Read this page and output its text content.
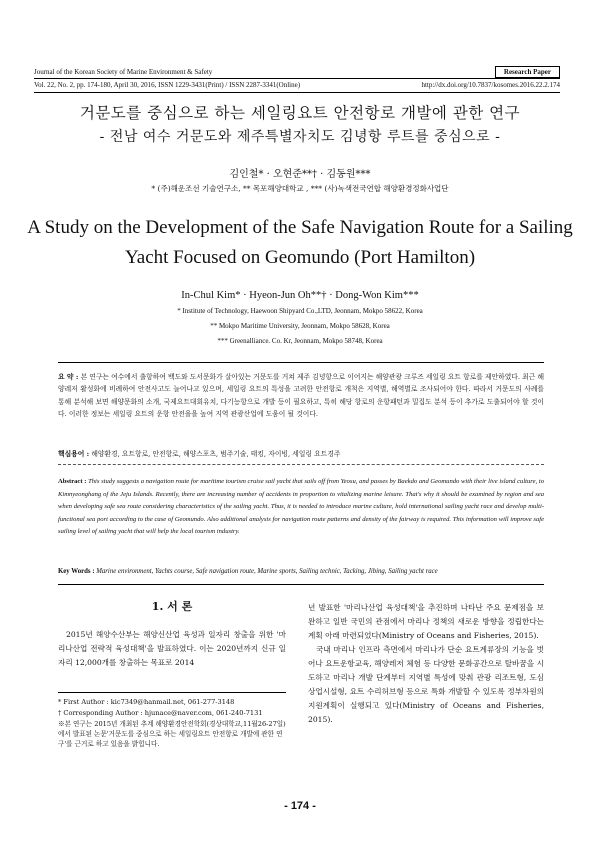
Research Paper
Journal of the Korean Society of Marine Environment & Safety
Vol. 22, No. 2, pp. 174-180, April 30, 2016, ISSN 1229-3431(Print) / ISSN 2287-3341(Online)	http://dx.doi.org/10.7837/kosomes.2016.22.2.174
거문도를 중심으로 하는 세일링요트 안전항로 개발에 관한 연구
- 전남 여수 거문도와 제주특별자치도 김녕항 루트를 중심으로 -
김인철* · 오현준**† · 김동원***
* (주)해운조선 기술연구소, ** 목포해양대학교 , *** (사)녹색전국연합 해양환경정화사업단
A Study on the Development of the Safe Navigation Route for a Sailing
Yacht Focused on Geomundo (Port Hamilton)
In-Chul Kim* · Hyeon-Jun Oh**† · Dong-Won Kim***
* Institute of Technology, Haewoon Shipyard Co.,LTD, Jeonnam, Mokpo 58622, Korea
** Mokpo Maritime University, Jeonnam, Mokpo 58628, Korea
*** Greenalliance. Co. Kr, Jeonnam, Mokpo 58748, Korea
요 약 : 본 연구는 여수에서 출항하여 백도와 도서문화가 살아있는 거문도를 거쳐 제주 김녕항으로 이어지는 해양관광 크루즈 세일링 요트 항로를 제안하였다. 최근 해양레저 활성화에 비례하여 안전사고도 늘어나고 있으며, 세일링 요트의 특성을 고려한 안전항로 개척은 지역별, 해역별로 조사되어야 한다. 따라서 거문도의 사례를 통해 분석해 보면 해양문화의 소개, 국제요트대회유치, 다기능항으로 개발 등이 필요하고, 특히 해당 항로의 운항패턴과 밀집도 분석 등이 추가로 도출되어야 할 것이다. 이러한 정보는 세일링 요트의 운항 안전을을 높여 지역 관광산업에 도움이 될 것이다.
핵심용어 : 해양환경, 요트항로, 안전항로, 해양스포츠, 범주기술, 태킹, 자이빙, 세일링 요트경주
Abstract : This study suggests a navigation route for maritime tourism cruise sail yacht that sails off from Yeosu, and passes by Baekdo and Geomundo with their live island culture, to Kimnyeonghang of the Jeju Islands. Recently, there are increasing number of accidents in proportion to vitalizing marine leisure. That's why it should be examined by region and sea when developing safe sea route considering characteristics of the sailing yacht. Thus, it is needed to introduce marine culture, hold international sailing yacht race and develop multi-functional sea port according to the case of Geomundo. Also additional analysis for navigation route patterns and density of the fairway is required. This information will improve safe sailing level of sailing yacht that will help the local tourism industry.
Key Words : Marine environment, Yachts course, Safe navigation route, Marine sports, Sailing technic, Tacking, Jibing, Sailing yacht race
1. 서 론
2015년 해양수산부는 해양신산업 육성과 일자리 창출을 위한 '마리나산업 전략적 육성대책'을 발표하였다. 이는 2020년까지 신규 일자리 12,000개를 창출하는 목표로 2014

년 발표한 '마리나산업 육성대책'을 추진하며 나타난 주요 문제점을 보완하고 일반 국민의 관점에서 마리나 정책의 새로운 방향을 정립한다는 계획 아래 마련되었다(Ministry of Oceans and Fisheries, 2015).

국내 마리나 인프라 측면에서 마리나가 단순 요트계류장의 기능을 벗어나 요트운항교육, 해양레저 체험 등 다양한 문화공간으로 탈바꿈을 시도하고 마리나 개발 단계부터 지역별 특성에 맞춰 관광 리조트형, 도심 상업시설형, 요트 수리허브형 등으로 특화 개발할 수 있도록 정부차원의 지원계획이 실행되고 있다(Ministry of Oceans and Fisheries, 2015).

* First Author : kic7349@hanmail.net, 061-277-3148
† Corresponding Author : hjunace@naver.com, 061-240-7131
※본 연구는 2015년 개최된 추계 해양환경안전학회(경상대학교,11월26-27일)에서 발표된 논문'거문도를 중심으로 하는 세일링요트 안전항로 개발에 관한 연구'를 근거로 하고 있음을 밝힙니다.
- 174 -
